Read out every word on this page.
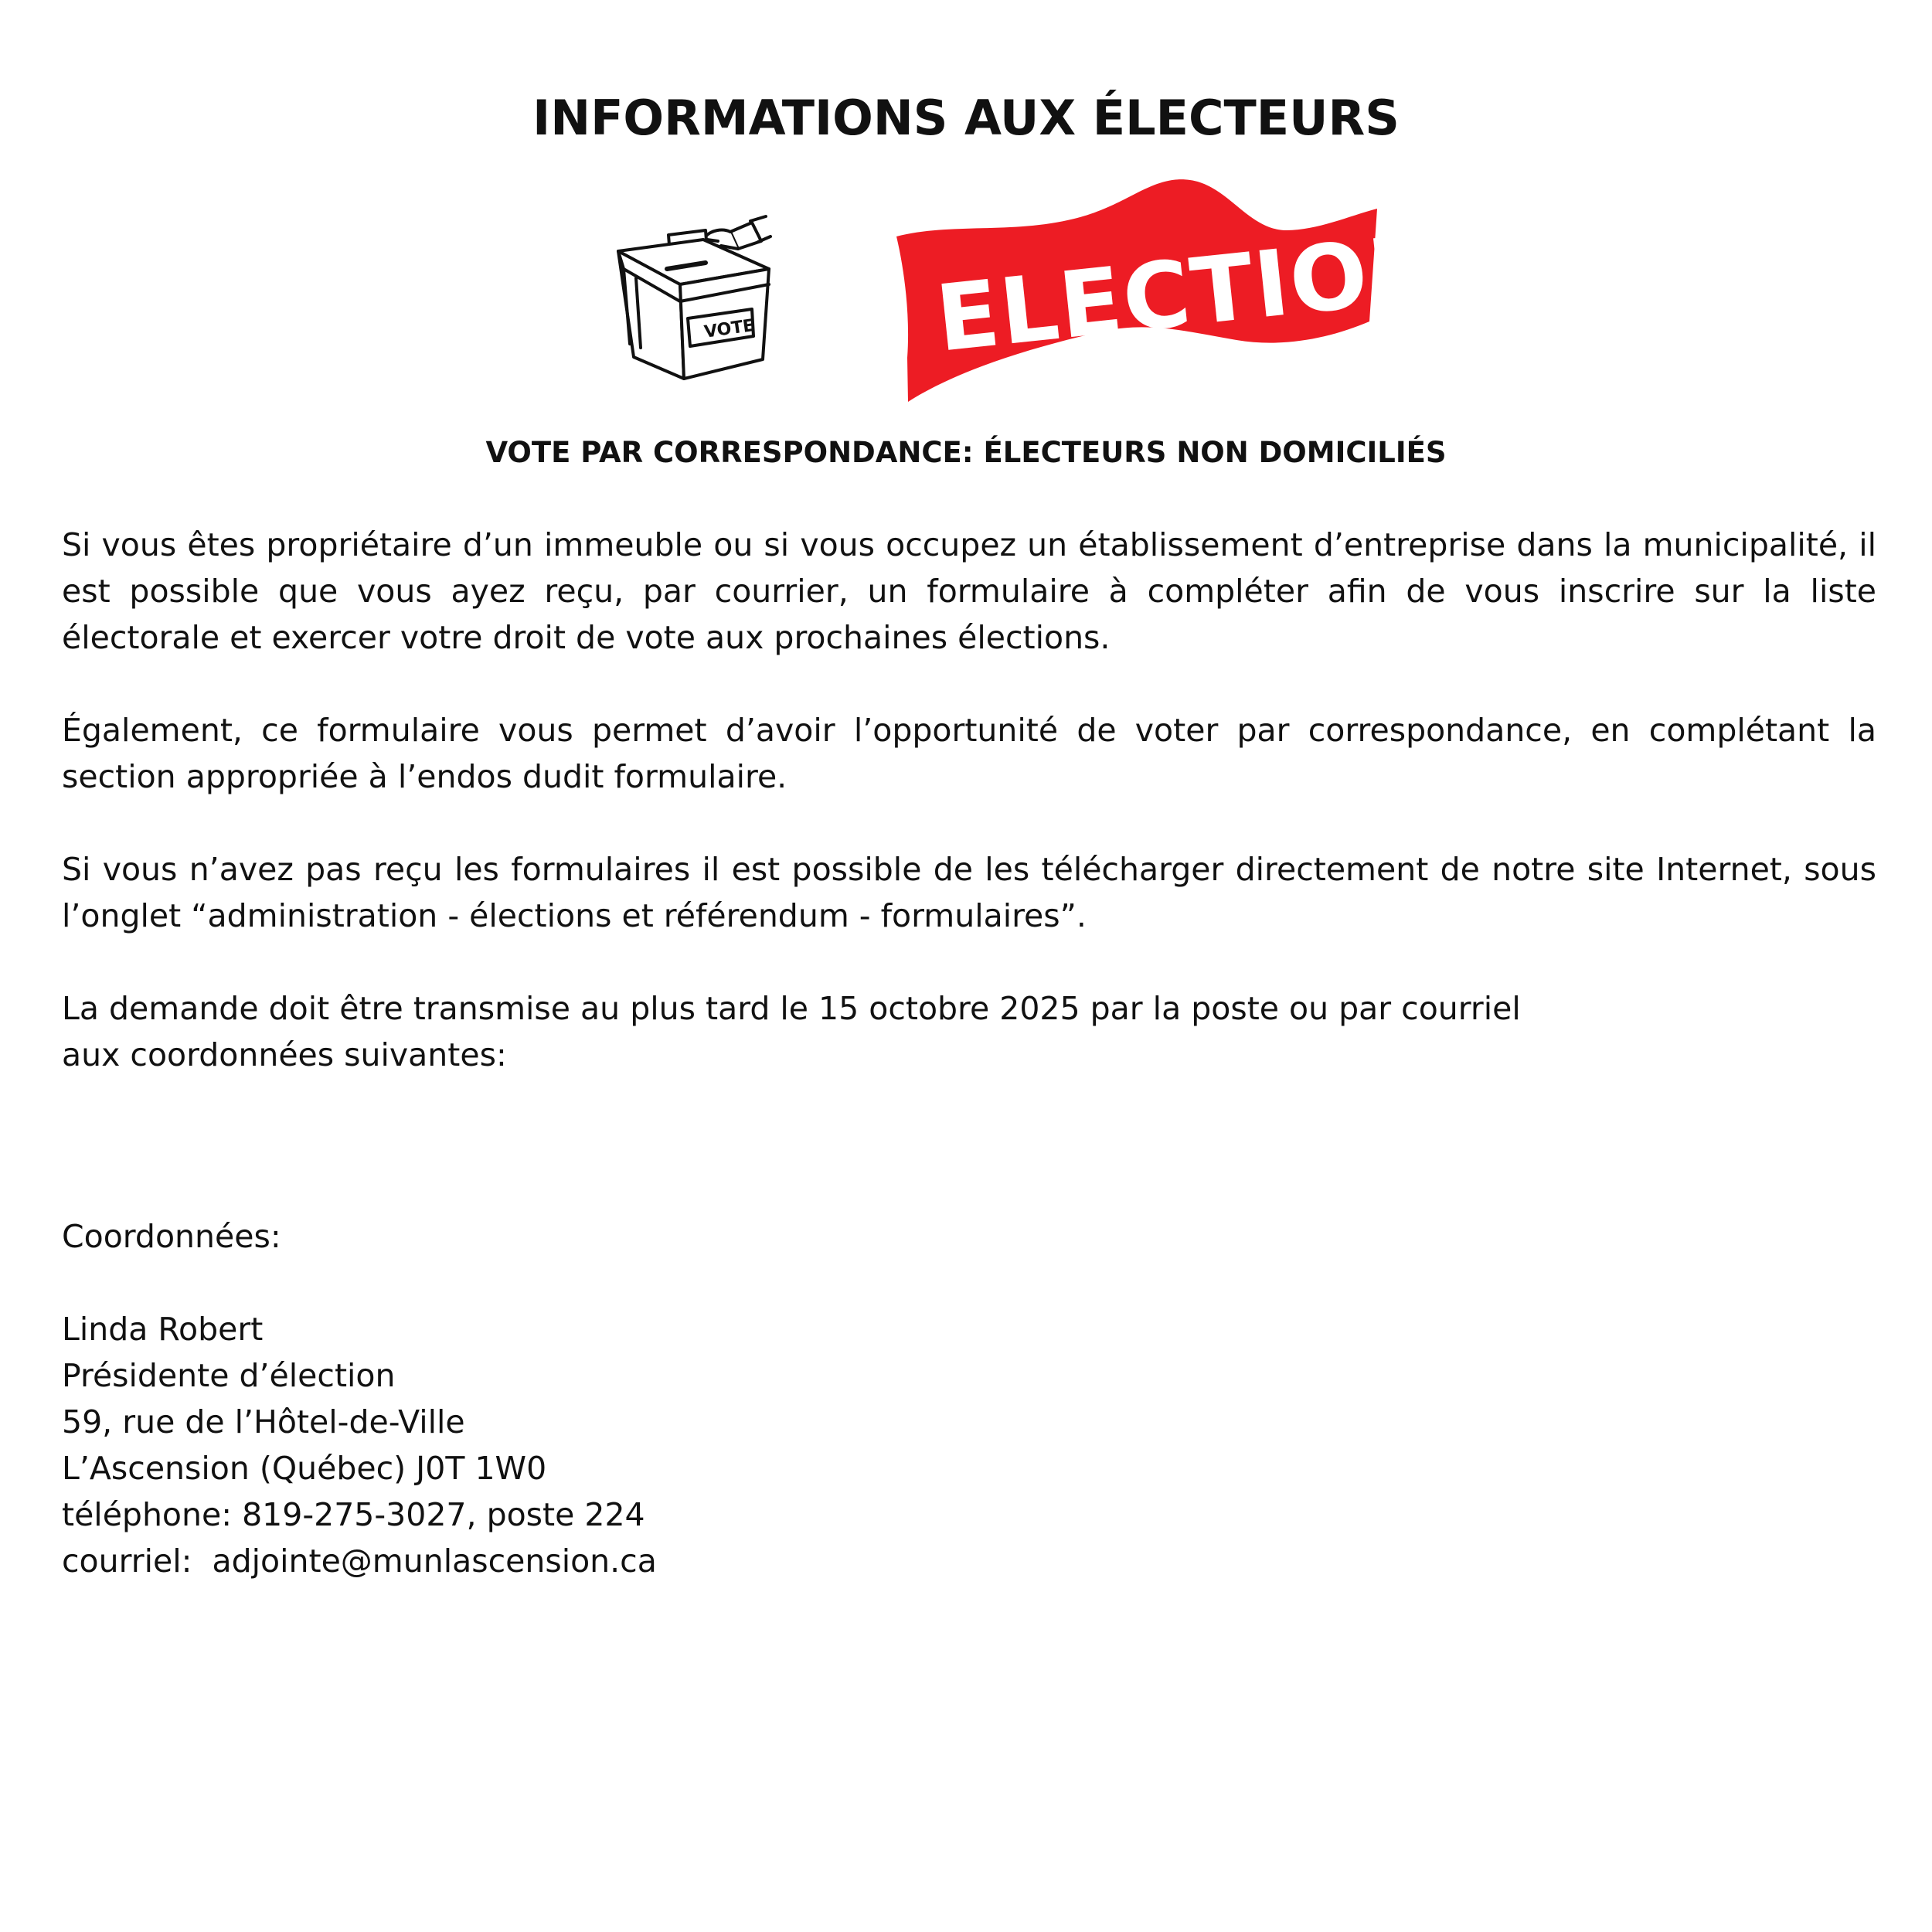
INFORMATIONS AUX ÉLECTEURS
VOTE ELECTIONS
VOTE PAR CORRESPONDANCE: ÉLECTEURS NON DOMICILIÉS

Si vous êtes propriétaire d’un immeuble ou si vous occupez un établissement d’entreprise dans la municipalité, il est possible que vous ayez reçu, par courrier, un formulaire à compléter afin de vous inscrire sur la liste électorale et exercer votre droit de vote aux prochaines élections.

Également, ce formulaire vous permet d’avoir l’opportunité de voter par correspondance, en complétant la section appropriée à l’endos dudit formulaire.

Si vous n’avez pas reçu les formulaires il est possible de les télécharger directement de notre site Internet, sous l’onglet “administration - élections et référendum - formulaires”.

La demande doit être transmise au plus tard le 15 octobre 2025 par la poste ou par courriel
aux coordonnées suivantes:

Coordonnées:
Linda Robert
Présidente d’élection
59, rue de l’Hôtel-de-Ville
L’Ascension (Québec) J0T 1W0
téléphone: 819-275-3027, poste 224
courriel:  adjointe@munlascension.ca
